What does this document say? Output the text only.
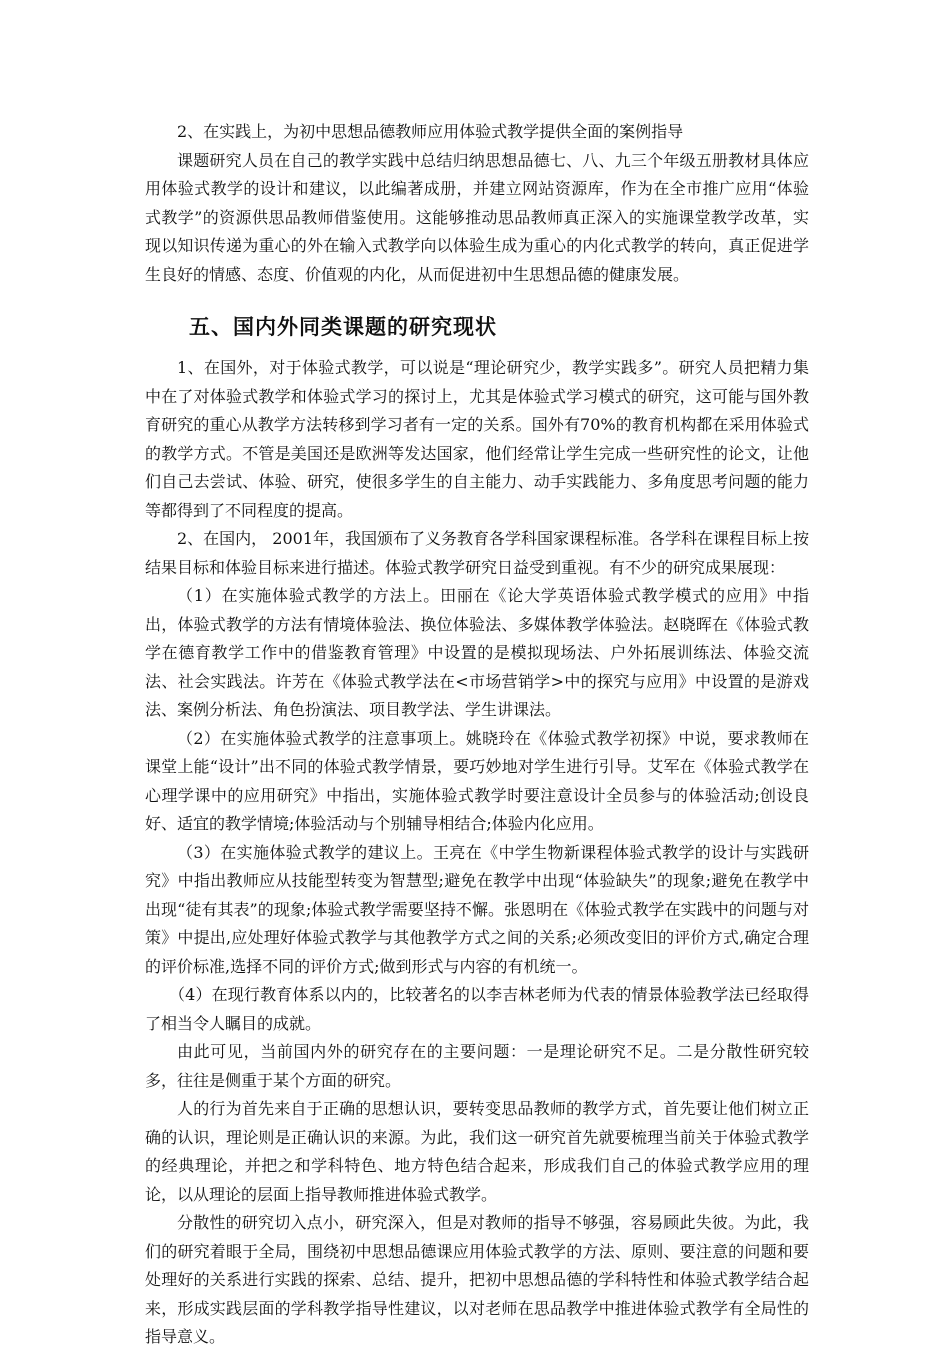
2、在实践上，为初中思想品德教师应用体验式教学提供全面的案例指导

课题研究人员在自己的教学实践中总结归纳思想品德七、八、九三个年级五册教材具体应用体验式教学的设计和建议，以此编著成册，并建立网站资源库，作为在全市推广应用“体验式教学”的资源供思品教师借鉴使用。这能够推动思品教师真正深入的实施课堂教学改革，实现以知识传递为重心的外在输入式教学向以体验生成为重心的内化式教学的转向，真正促进学生良好的情感、态度、价值观的内化，从而促进初中生思想品德的健康发展。

五、国内外同类课题的研究现状

1、在国外，对于体验式教学，可以说是“理论研究少，教学实践多”。研究人员把精力集中在了对体验式教学和体验式学习的探讨上，尤其是体验式学习模式的研究，这可能与国外教育研究的重心从教学方法转移到学习者有一定的关系。国外有70%的教育机构都在采用体验式的教学方式。不管是美国还是欧洲等发达国家，他们经常让学生完成一些研究性的论文，让他们自己去尝试、体验、研究，使很多学生的自主能力、动手实践能力、多角度思考问题的能力等都得到了不同程度的提高。

2、在国内， 2001年，我国颁布了义务教育各学科国家课程标准。各学科在课程目标上按结果目标和体验目标来进行描述。体验式教学研究日益受到重视。有不少的研究成果展现：

（1）在实施体验式教学的方法上。田丽在《论大学英语体验式教学模式的应用》中指出，体验式教学的方法有情境体验法、换位体验法、多媒体教学体验法。赵晓晖在《体验式教学在德育教学工作中的借鉴教育管理》中设置的是模拟现场法、户外拓展训练法、体验交流法、社会实践法。许芳在《体验式教学法在<市场营销学>中的探究与应用》中设置的是游戏法、案例分析法、角色扮演法、项目教学法、学生讲课法。

（2）在实施体验式教学的注意事项上。姚晓玲在《体验式教学初探》中说，要求教师在课堂上能“设计”出不同的体验式教学情景，要巧妙地对学生进行引导。艾军在《体验式教学在心理学课中的应用研究》中指出，实施体验式教学时要注意设计全员参与的体验活动;创设良好、适宜的教学情境;体验活动与个别辅导相结合;体验内化应用。

（3）在实施体验式教学的建议上。王亮在《中学生物新课程体验式教学的设计与实践研究》中指出教师应从技能型转变为智慧型;避免在教学中出现“体验缺失”的现象;避免在教学中出现“徒有其表”的现象;体验式教学需要坚持不懈。张恩明在《体验式教学在实践中的问题与对策》中提出,应处理好体验式教学与其他教学方式之间的关系;必须改变旧的评价方式,确定合理的评价标准,选择不同的评价方式;做到形式与内容的有机统一。

（4）在现行教育体系以内的，比较著名的以李吉林老师为代表的情景体验教学法已经取得了相当令人瞩目的成就。

由此可见，当前国内外的研究存在的主要问题：一是理论研究不足。二是分散性研究较多，往往是侧重于某个方面的研究。

人的行为首先来自于正确的思想认识，要转变思品教师的教学方式，首先要让他们树立正确的认识，理论则是正确认识的来源。为此，我们这一研究首先就要梳理当前关于体验式教学的经典理论，并把之和学科特色、地方特色结合起来，形成我们自己的体验式教学应用的理论，以从理论的层面上指导教师推进体验式教学。

分散性的研究切入点小，研究深入，但是对教师的指导不够强，容易顾此失彼。为此，我们的研究着眼于全局，围绕初中思想品德课应用体验式教学的方法、原则、要注意的问题和要处理好的关系进行实践的探索、总结、提升，把初中思想品德的学科特性和体验式教学结合起来，形成实践层面的学科教学指导性建议，以对老师在思品教学中推进体验式教学有全局性的指导意义。
